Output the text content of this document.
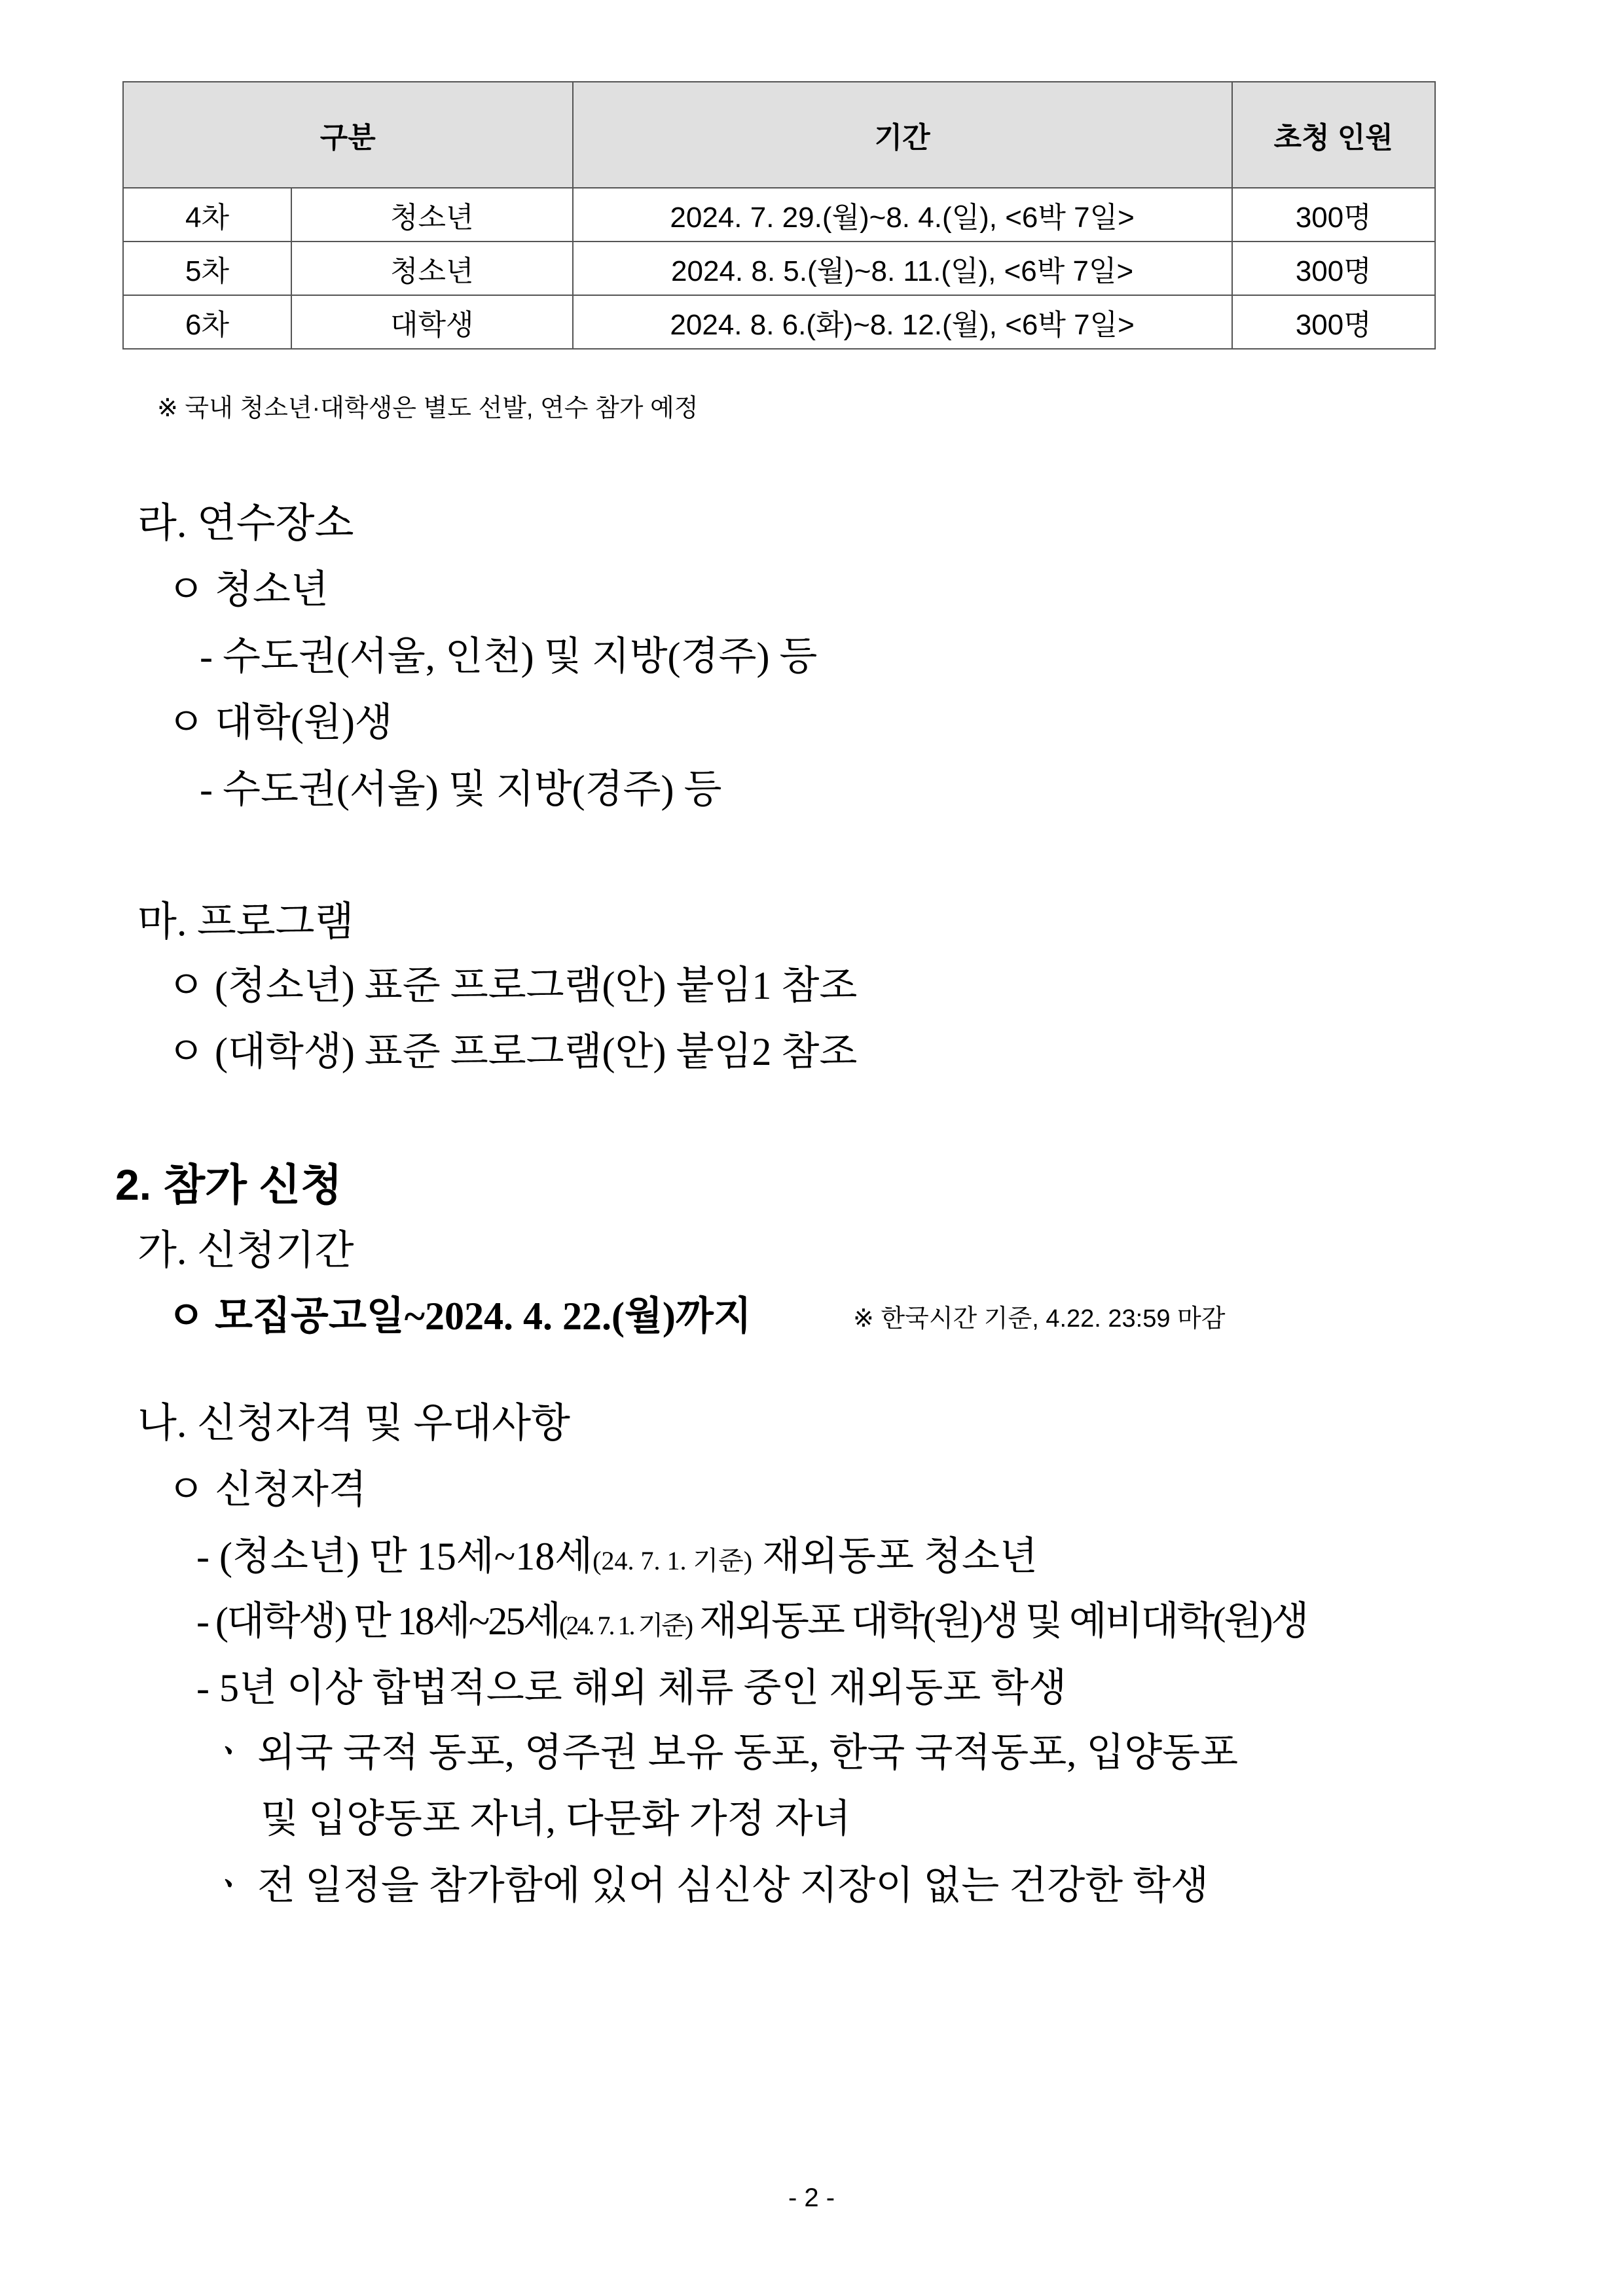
구분		기간	초청 인원
4차	청소년	2024. 7. 29.(월)~8. 4.(일), <6박 7일>	300명
5차	청소년	2024. 8. 5.(월)~8. 11.(일), <6박 7일>	300명
6차	대학생	2024. 8. 6.(화)~8. 12.(월), <6박 7일>	300명
※ 국내 청소년·대학생은 별도 선발, 연수 참가 예정
라. 연수장소
ㅇ 청소년
- 수도권(서울, 인천) 및 지방(경주) 등
ㅇ 대학(원)생
- 수도권(서울) 및 지방(경주) 등
마. 프로그램
ㅇ (청소년) 표준 프로그램(안) 붙임1 참조
ㅇ (대학생) 표준 프로그램(안) 붙임2 참조
2. 참가 신청
가. 신청기간
ㅇ 모집공고일~2024. 4. 22.(월)까지	※ 한국시간 기준, 4.22. 23:59 마감
나. 신청자격 및 우대사항
ㅇ 신청자격
- (청소년) 만 15세~18세(24. 7. 1. 기준) 재외동포 청소년
- (대학생) 만 18세~25세(24. 7. 1. 기준) 재외동포 대학(원)생 및 예비대학(원)생
- 5년 이상 합법적으로 해외 체류 중인 재외동포 학생
ㆍ 외국 국적 동포, 영주권 보유 동포, 한국 국적동포, 입양동포
및 입양동포 자녀, 다문화 가정 자녀
ㆍ 전 일정을 참가함에 있어 심신상 지장이 없는 건강한 학생
- 2 -
